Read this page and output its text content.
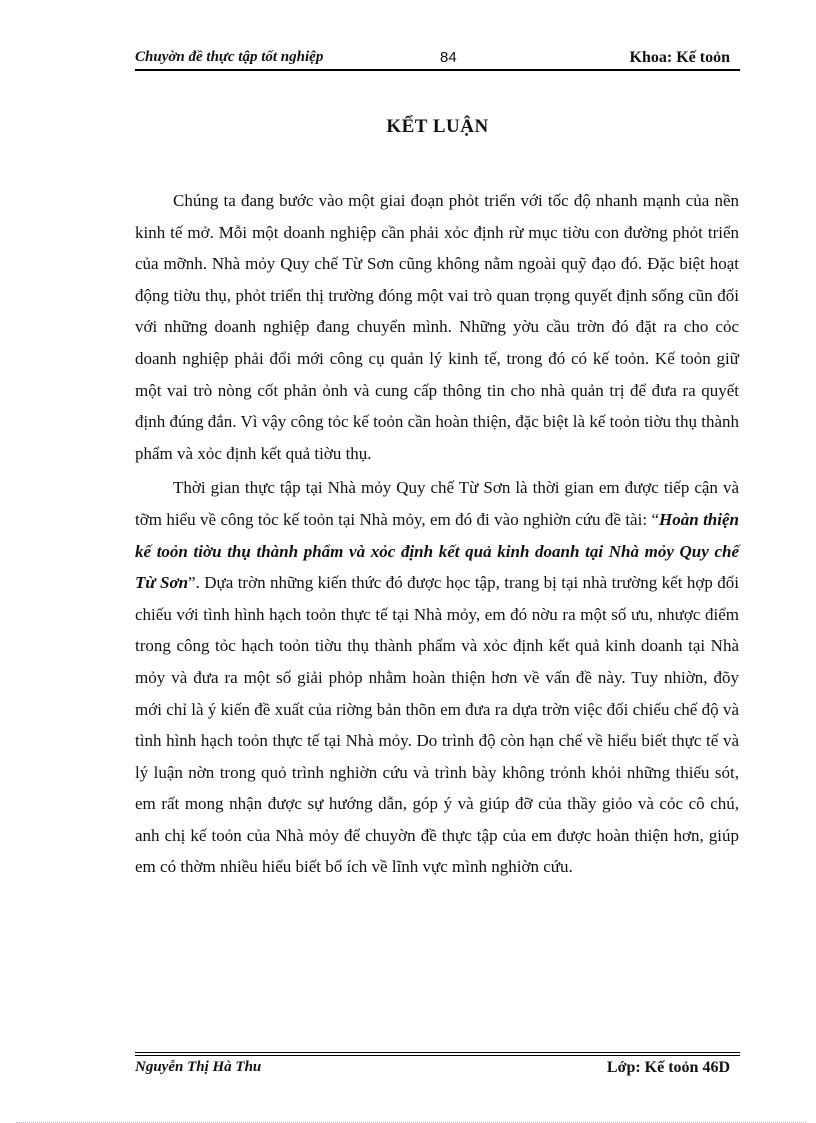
Chuyờn đề thực tập tốt nghiệp	84	Khoa: Kế toỏn
KẾT LUẬN

Chúng ta đang bước vào một giai đoạn phỏt triển với tốc độ nhanh mạnh của nền kinh tế mở. Mỗi một doanh nghiệp cần phải xỏc định rừ mục tiờu con đường phỏt triển của mỡnh. Nhà mỏy Quy chế Từ Sơn cũng không nằm ngoài quỹ đạo đó. Đặc biệt hoạt động tiờu thụ, phỏt triển thị trường đóng một vai trò quan trọng quyết định sống cũn đối với những doanh nghiệp đang chuyển mình. Những yờu cầu trờn đó đặt ra cho cỏc doanh nghiệp phải đổi mới công cụ quản lý kinh tế, trong đó có kế toỏn. Kế toỏn giữ một vai trò nòng cốt phản ỏnh và cung cấp thông tin cho nhà quản trị để đưa ra quyết định đúng đắn. Vì vậy công tỏc kế toỏn cần hoàn thiện, đặc biệt là kế toỏn tiờu thụ thành phẩm và xỏc định kết quả tiờu thụ.

Thời gian thực tập tại Nhà mỏy Quy chế Từ Sơn là thời gian em được tiếp cận và tỡm hiểu về công tỏc kế toỏn tại Nhà mỏy, em đó đi vào nghiờn cứu đề tài: “Hoàn thiện kế toỏn tiờu thụ thành phẩm và xỏc định kết quả kinh doanh tại Nhà mỏy Quy chế Từ Sơn”. Dựa trờn những kiến thức đó được học tập, trang bị tại nhà trường kết hợp đối chiếu với tình hình hạch toỏn thực tế tại Nhà mỏy, em đó nờu ra một số ưu, nhược điểm trong công tỏc hạch toỏn tiờu thụ thành phẩm và xỏc định kết quả kinh doanh tại Nhà mỏy và đưa ra một số giải phỏp nhằm hoàn thiện hơn về vấn đề này. Tuy nhiờn, đõy mới chỉ là ý kiến đề xuất của riờng bản thõn em đưa ra dựa trờn việc đối chiếu chế độ và tình hình hạch toỏn thực tế tại Nhà mỏy. Do trình độ còn hạn chế về hiểu biết thực tế và lý luận nờn trong quỏ trình nghiờn cứu và trình bày không trỏnh khỏi những thiếu sót, em rất mong nhận được sự hướng dẫn, góp ý và giúp đỡ của thầy giỏo và cỏc cô chú, anh chị kế toỏn của Nhà mỏy để chuyờn đề thực tập của em được hoàn thiện hơn, giúp em có thờm nhiều hiểu biết bổ ích về lĩnh vực mình nghiờn cứu.

Nguyễn Thị Hà Thu	Lớp: Kế toỏn 46D
